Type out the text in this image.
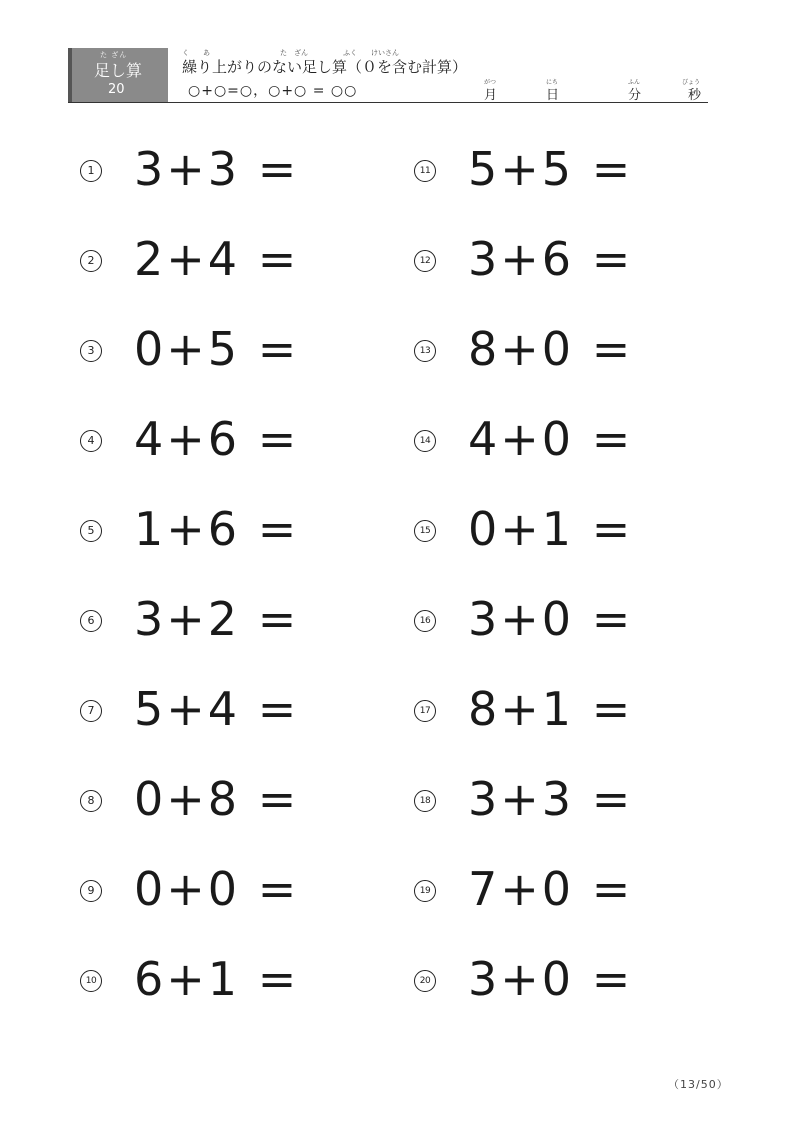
た ざん
足し算
20
く　　あ　　　　　　　　　　た　ざん　　　　　ふく　　けいさん
繰り上がりのない足し算（０を含む計算）
○+○=○，○+○ = ○○
がつ
月
にち
日
ふん
分
びょう
秒
1 3+3 =
2 2+4 =
3 0+5 =
4 4+6 =
5 1+6 =
6 3+2 =
7 5+4 =
8 0+8 =
9 0+0 =
10 6+1 =
11 5+5 =
12 3+6 =
13 8+0 =
14 4+0 =
15 0+1 =
16 3+0 =
17 8+1 =
18 3+3 =
19 7+0 =
20 3+0 =
（13/50）
